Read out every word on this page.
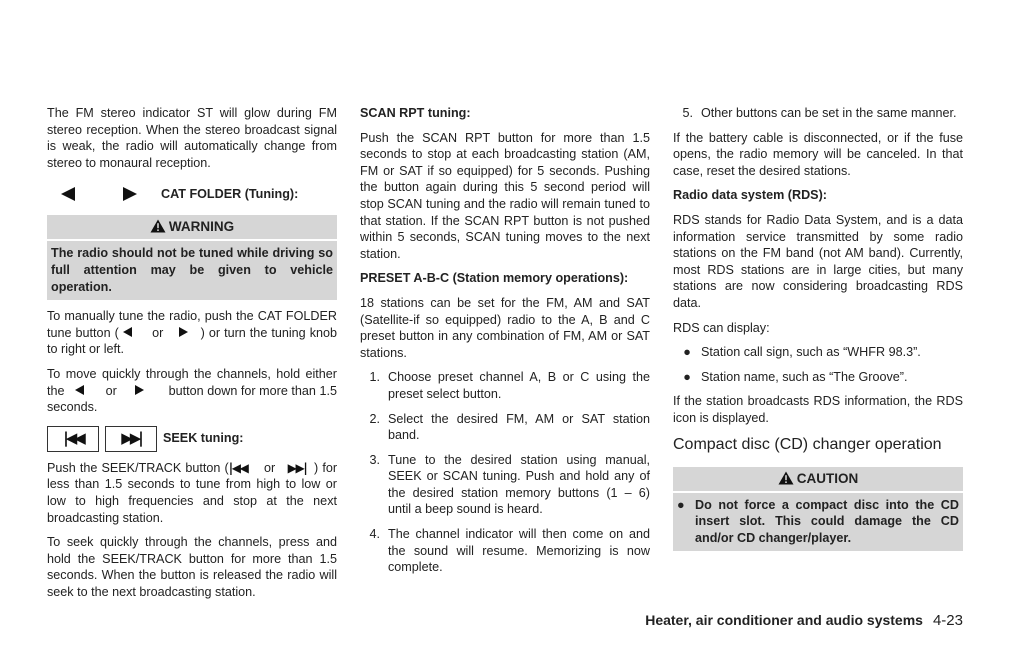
The FM stereo indicator ST will glow during FM stereo reception. When the stereo broadcast signal is weak, the radio will automatically change from stereo to monaural reception.

CAT FOLDER (Tuning):
WARNING
The radio should not be tuned while driving so full attention may be given to vehicle operation.

To manually tune the radio, push the CAT FOLDER tune button (	or	) or turn the tuning knob to right or left.

To move quickly through the channels, hold either the	or	button down for more than 1.5 seconds.

|◀◀	▶▶| SEEK tuning:

Push the SEEK/TRACK button (|◀◀ or ▶▶| ) for less than 1.5 seconds to tune from high to low or low to high frequencies and stop at the next broadcasting station.

To seek quickly through the channels, press and hold the SEEK/TRACK button for more than 1.5 seconds. When the button is released the radio will seek to the next broadcasting station.

SCAN RPT tuning:

Push the SCAN RPT button for more than 1.5 seconds to stop at each broadcasting station (AM, FM or SAT if so equipped) for 5 seconds. Pushing the button again during this 5 second period will stop SCAN tuning and the radio will remain tuned to that station. If the SCAN RPT button is not pushed within 5 seconds, SCAN tuning moves to the next station.

PRESET A-B-C (Station memory operations):

18 stations can be set for the FM, AM and SAT (Satellite-if so equipped) radio to the A, B and C preset button in any combination of FM, AM or SAT stations.

1. Choose preset channel A, B or C using the preset select button.
2. Select the desired FM, AM or SAT station band.
3. Tune to the desired station using manual, SEEK or SCAN tuning. Push and hold any of the desired station memory buttons (1 – 6) until a beep sound is heard.
4. The channel indicator will then come on and the sound will resume. Memorizing is now complete.
5. Other buttons can be set in the same manner.

If the battery cable is disconnected, or if the fuse opens, the radio memory will be canceled. In that case, reset the desired stations.

Radio data system (RDS):

RDS stands for Radio Data System, and is a data information service transmitted by some radio stations on the FM band (not AM band). Currently, most RDS stations are in large cities, but many stations are now considering broadcasting RDS data.

RDS can display:

● Station call sign, such as “WHFR 98.3”.
● Station name, such as “The Groove”.

If the station broadcasts RDS information, the RDS icon is displayed.

Compact disc (CD) changer operation
CAUTION
● Do not force a compact disc into the CD insert slot. This could damage the CD and/or CD changer/player.
Heater, air conditioner and audio systems 4-23
